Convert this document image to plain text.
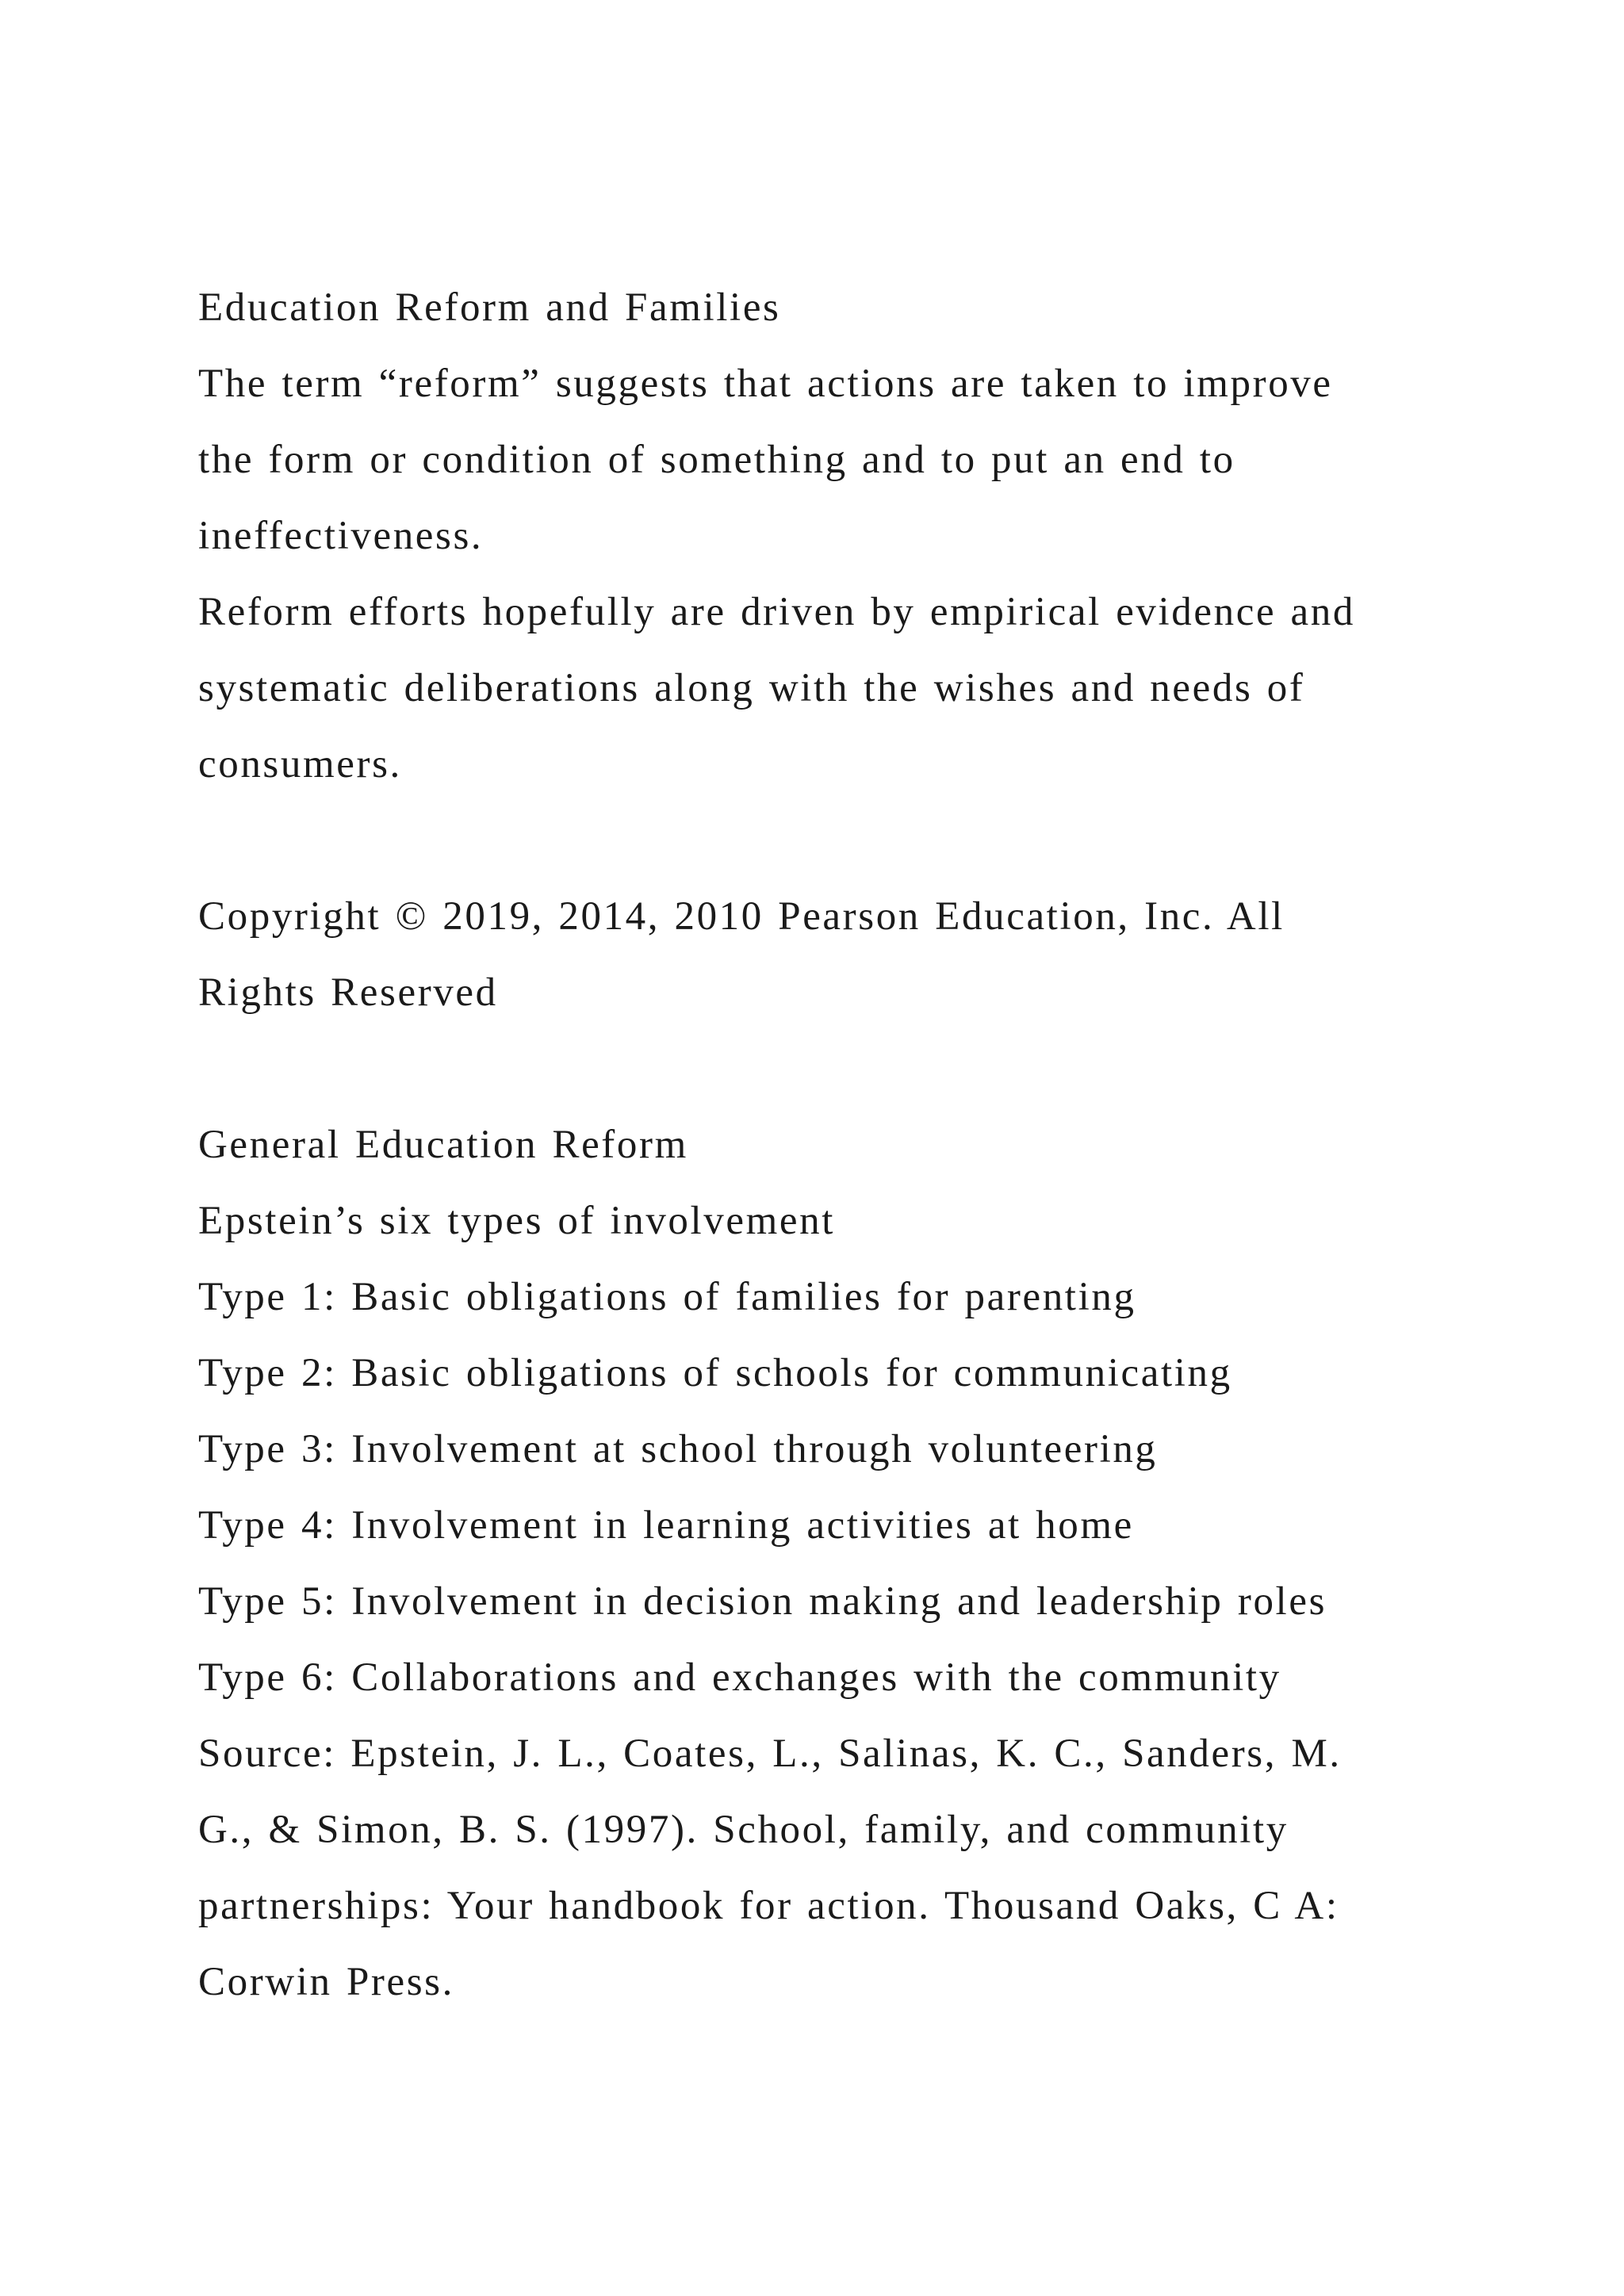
Education Reform and Families
The term “reform” suggests that actions are taken to improve
the form or condition of something and to put an end to
ineffectiveness.
Reform efforts hopefully are driven by empirical evidence and
systematic deliberations along with the wishes and needs of
consumers.
Copyright © 2019, 2014, 2010 Pearson Education, Inc. All
Rights Reserved
General Education Reform
Epstein’s six types of involvement
Type 1: Basic obligations of families for parenting
Type 2: Basic obligations of schools for communicating
Type 3: Involvement at school through volunteering
Type 4: Involvement in learning activities at home
Type 5: Involvement in decision making and leadership roles
Type 6: Collaborations and exchanges with the community
Source: Epstein, J. L., Coates, L., Salinas, K. C., Sanders, M.
G., & Simon, B. S. (1997). School, family, and community
partnerships: Your handbook for action. Thousand Oaks, C A:
Corwin Press.
